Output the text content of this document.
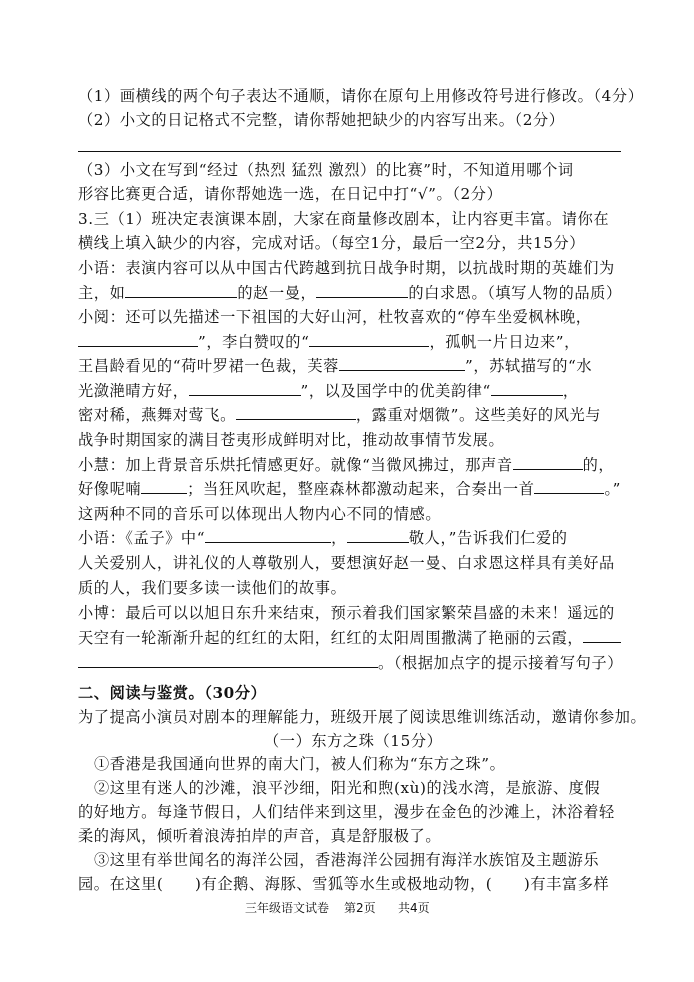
（1）画横线的两个句子表达不通顺，请你在原句上用修改符号进行修改。（4分）
（2）小文的日记格式不完整，请你帮她把缺少的内容写出来。（2分）
（3）小文在写到“经过（热烈 猛烈 激烈）的比赛”时，不知道用哪个词
形容比赛更合适，请你帮她选一选，在日记中打“√”。（2分）
3.三（1）班决定表演课本剧，大家在商量修改剧本，让内容更丰富。请你在
横线上填入缺少的内容，完成对话。（每空1分，最后一空2分，共15分）
小语：表演内容可以从中国古代跨越到抗日战争时期，以抗战时期的英雄们为
主，如	的赵一曼，	的白求恩。（填写人物的品质）
小阅：还可以先描述一下祖国的大好山河，杜牧喜欢的“停车坐爱枫林晚，
”，李白赞叹的“	，孤帆一片日边来”，
王昌龄看见的“荷叶罗裙一色裁，芙蓉	”，苏轼描写的“水
光潋滟晴方好，	”，以及国学中的优美韵律“	，
密对稀，燕舞对莺飞。	，露重对烟微”。这些美好的风光与
战争时期国家的满目苍夷形成鲜明对比，推动故事情节发展。
小慧：加上背景音乐烘托情感更好。就像“当微风拂过，那声音	的，
好像呢喃	；当狂风吹起，整座森林都激动起来，合奏出一首	。”
这两种不同的音乐可以体现出人物内心不同的情感。
小语：《孟子》中“	，	敬人，”告诉我们仁爱的
人关爱别人，讲礼仪的人尊敬别人，要想演好赵一曼、白求恩这样具有美好品
质的人，我们要多读一读他们的故事。
小博：最后可以以旭日东升来结束，预示着我们国家繁荣昌盛的未来！遥远的
天空有一轮渐渐升起的红红的太阳，红红的太阳周围撒满了艳丽的云霞，
。（根据加点字的提示接着写句子）
二、阅读与鉴赏。（30分）
为了提高小演员对剧本的理解能力，班级开展了阅读思维训练活动，邀请你参加。
（一）东方之珠（15分）
①香港是我国通向世界的南大门，被人们称为“东方之珠”。
②这里有迷人的沙滩，浪平沙细，阳光和煦(xù)的浅水湾，是旅游、度假
的好地方。每逢节假日，人们结伴来到这里，漫步在金色的沙滩上，沐浴着轻
柔的海风，倾听着浪涛拍岸的声音，真是舒服极了。
③这里有举世闻名的海洋公园，香港海洋公园拥有海洋水族馆及主题游乐
园。在这里(　　)有企鹅、海豚、雪狐等水生或极地动物，(　　)有丰富多样
三年级语文试卷 第2页 共4页
